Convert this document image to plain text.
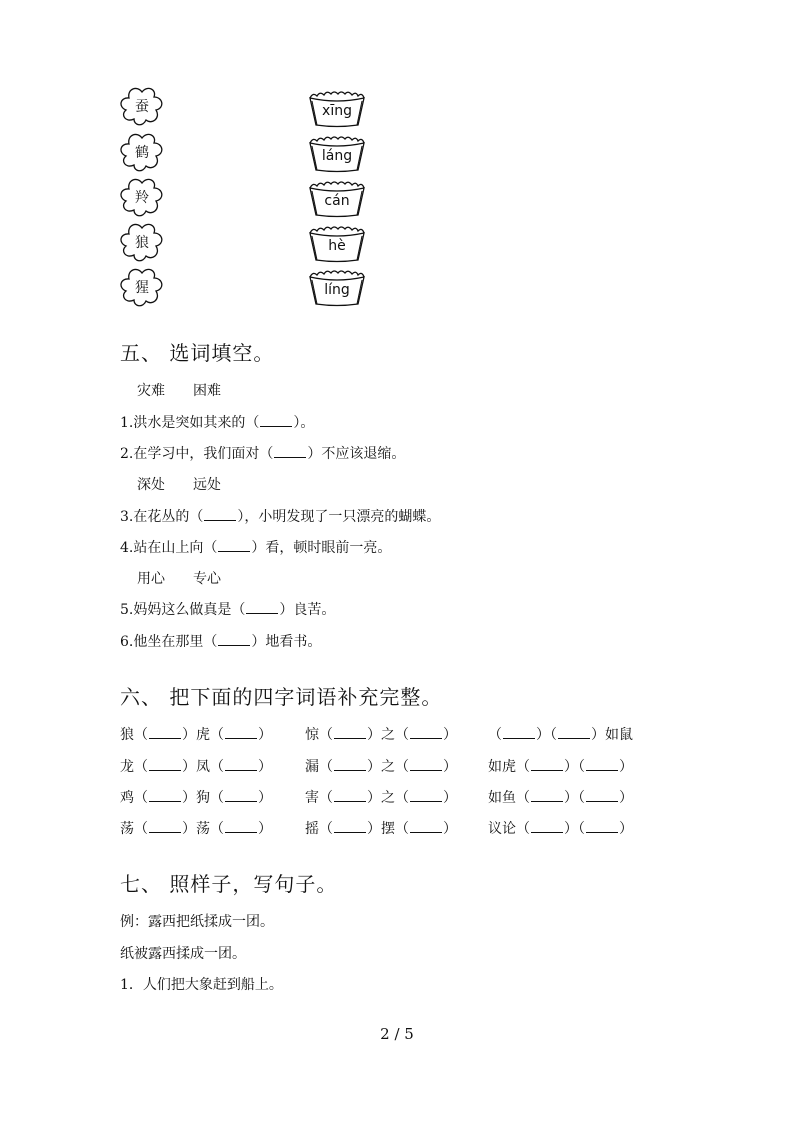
蚕
鹤
羚
狼
猩
xīng
láng
cán
hè
líng
五、 选词填空。
灾难　　困难
1.洪水是突如其来的（ ）。
2.在学习中，我们面对（ ）不应该退缩。
深处　　远处
3.在花丛的（ ），小明发现了一只漂亮的蝴蝶。
4.站在山上向（ ）看，顿时眼前一亮。
用心　　专心
5.妈妈这么做真是（ ）良苦。
6.他坐在那里（ ）地看书。
六、 把下面的四字词语补充完整。
狼（ ）虎（ ）
龙（ ）凤（ ）
鸡（ ）狗（ ）
荡（ ）荡（ ）
惊（ ）之（ ）
漏（ ）之（ ）
害（ ）之（ ）
摇（ ）摆（ ）
（ ）（ ）如鼠
如虎（ ）（ ）
如鱼（ ）（ ）
议论（ ）（ ）
七、 照样子，写句子。
例：露西把纸揉成一团。
纸被露西揉成一团。
1．人们把大象赶到船上。
2 / 5
